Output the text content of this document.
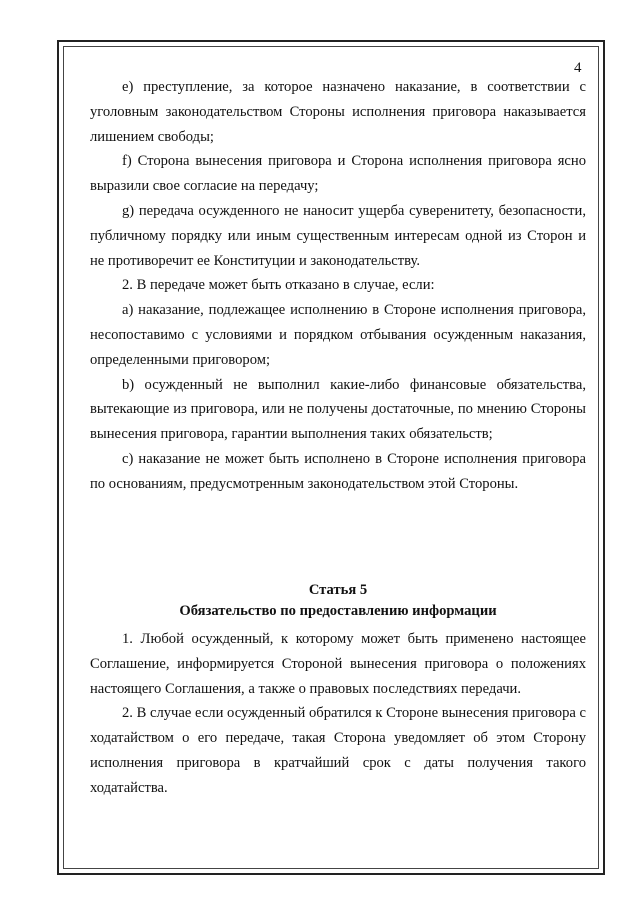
4

е) преступление, за которое назначено наказание, в соответствии с уголовным законодательством Стороны исполнения приговора наказывается лишением свободы;

f) Сторона вынесения приговора и Сторона исполнения приговора ясно выразили свое согласие на передачу;

g) передача осужденного не наносит ущерба суверенитету, безопасности, публичному порядку или иным существенным интересам одной из Сторон и не противоречит ее Конституции и законодательству.

2. В передаче может быть отказано в случае, если:

а) наказание, подлежащее исполнению в Стороне исполнения приговора, несопоставимо с условиями и порядком отбывания осужденным наказания, определенными приговором;

b) осужденный не выполнил какие-либо финансовые обязательства, вытекающие из приговора, или не получены достаточные, по мнению Стороны вынесения приговора, гарантии выполнения таких обязательств;

с) наказание не может быть исполнено в Стороне исполнения приговора по основаниям, предусмотренным законодательством этой Стороны.

Статья 5
Обязательство по предоставлению информации

1. Любой осужденный, к которому может быть применено настоящее Соглашение, информируется Стороной вынесения приговора о положениях настоящего Соглашения, а также о правовых последствиях передачи.

2. В случае если осужденный обратился к Стороне вынесения приговора с ходатайством о его передаче, такая Сторона уведомляет об этом Сторону исполнения приговора в кратчайший срок с даты получения такого ходатайства.
